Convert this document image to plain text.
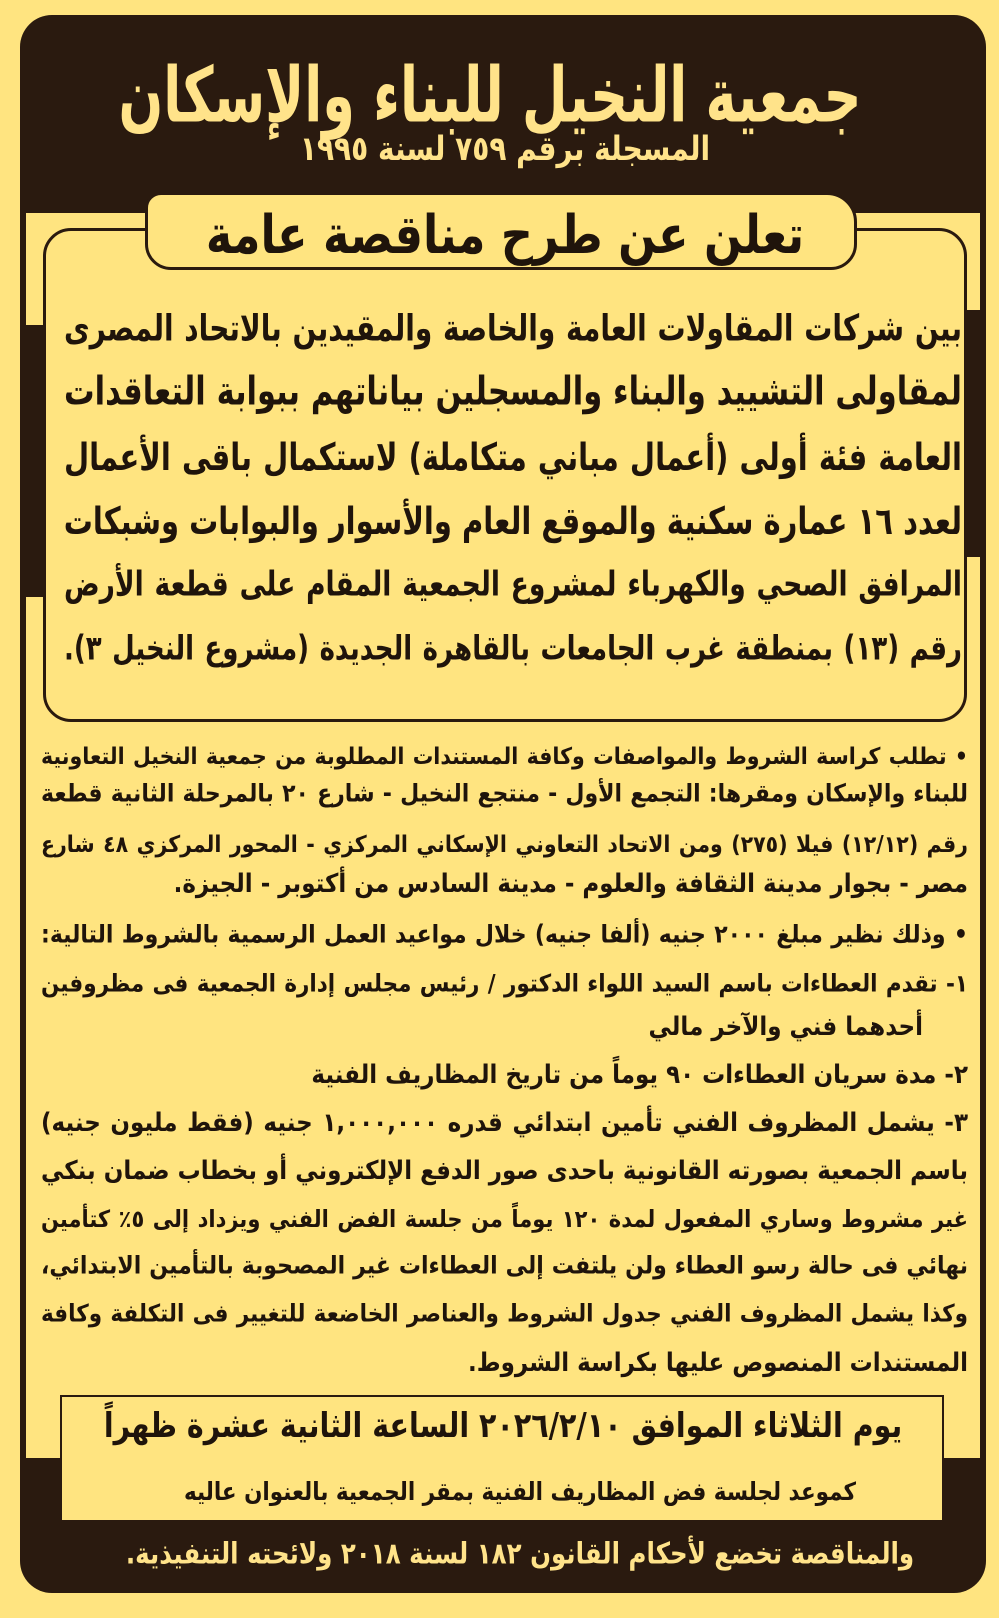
جمعية النخيل للبناء والإسكان
المسجلة برقم ٧٥٩ لسنة ١٩٩٥
تعلن عن طرح مناقصة عامة
بين شركات المقاولات العامة والخاصة والمقيدين بالاتحاد المصرى
لمقاولى التشييد والبناء والمسجلين بياناتهم ببوابة التعاقدات
العامة فئة أولى (أعمال مباني متكاملة) لاستكمال باقى الأعمال
لعدد ١٦ عمارة سكنية والموقع العام والأسوار والبوابات وشبكات
المرافق الصحي والكهرباء لمشروع الجمعية المقام على قطعة الأرض
رقم (١٣) بمنطقة غرب الجامعات بالقاهرة الجديدة (مشروع النخيل ٣).
• تطلب كراسة الشروط والمواصفات وكافة المستندات المطلوبة من جمعية النخيل التعاونية
للبناء والإسكان ومقرها: التجمع الأول - منتجع النخيل - شارع ٢٠ بالمرحلة الثانية قطعة
رقم (١٢/١٢) فيلا (٢٧٥) ومن الاتحاد التعاوني الإسكاني المركزي - المحور المركزي ٤٨ شارع
مصر - بجوار مدينة الثقافة والعلوم - مدينة السادس من أكتوبر - الجيزة.
• وذلك نظير مبلغ ٢٠٠٠ جنيه (ألفا جنيه) خلال مواعيد العمل الرسمية بالشروط التالية:
١- تقدم العطاءات باسم السيد اللواء الدكتور / رئيس مجلس إدارة الجمعية فى مظروفين
أحدهما فني والآخر مالي
٢- مدة سريان العطاءات ٩٠ يوماً من تاريخ المظاريف الفنية
٣- يشمل المظروف الفني تأمين ابتدائي قدره ١,٠٠٠,٠٠٠ جنيه (فقط مليون جنيه)
باسم الجمعية بصورته القانونية باحدى صور الدفع الإلكتروني أو بخطاب ضمان بنكي
غير مشروط وساري المفعول لمدة ١٢٠ يوماً من جلسة الفض الفني ويزداد إلى ٥٪ كتأمين
نهائي فى حالة رسو العطاء ولن يلتفت إلى العطاءات غير المصحوبة بالتأمين الابتدائي،
وكذا يشمل المظروف الفني جدول الشروط والعناصر الخاضعة للتغيير فى التكلفة وكافة
المستندات المنصوص عليها بكراسة الشروط.
يوم الثلاثاء الموافق ٢٠٢٦/٢/١٠ الساعة الثانية عشرة ظهراً
كموعد لجلسة فض المظاريف الفنية بمقر الجمعية بالعنوان عاليه
والمناقصة تخضع لأحكام القانون ١٨٢ لسنة ٢٠١٨ ولائحته التنفيذية.
